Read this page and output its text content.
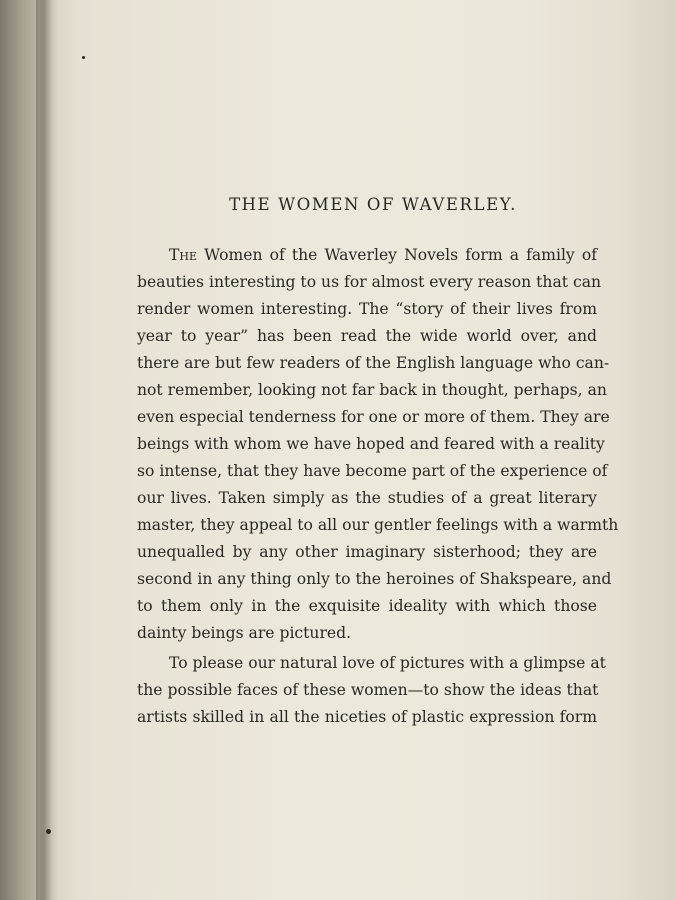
THE WOMEN OF WAVERLEY.
The Women of the Waverley Novels form a family of
beauties interesting to us for almost every reason that can
render women interesting. The “story of their lives from
year to year” has been read the wide world over, and
there are but few readers of the English language who can-
not remember, looking not far back in thought, perhaps, an
even especial tenderness for one or more of them. They are
beings with whom we have hoped and feared with a reality
so intense, that they have become part of the experience of
our lives. Taken simply as the studies of a great literary
master, they appeal to all our gentler feelings with a warmth
unequalled by any other imaginary sisterhood; they are
second in any thing only to the heroines of Shakspeare, and
to them only in the exquisite ideality with which those
dainty beings are pictured.
To please our natural love of pictures with a glimpse at
the possible faces of these women—to show the ideas that
artists skilled in all the niceties of plastic expression form
